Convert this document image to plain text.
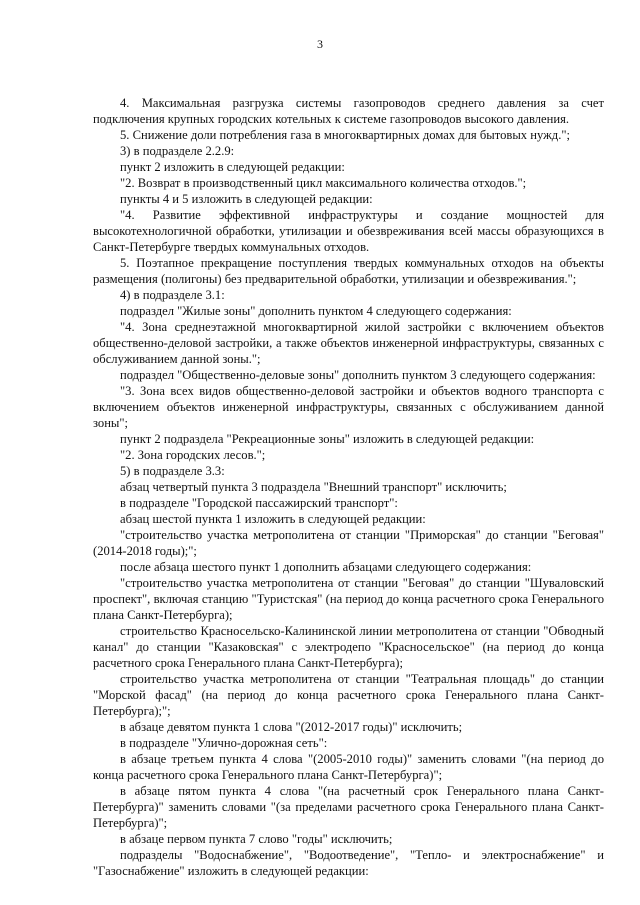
3

4. Максимальная разгрузка системы газопроводов среднего давления за счет подключения крупных городских котельных к системе газопроводов высокого давления.

5. Снижение доли потребления газа в многоквартирных домах для бытовых нужд.";

3) в подразделе 2.2.9:

пункт 2 изложить в следующей редакции:

"2. Возврат в производственный цикл максимального количества отходов.";

пункты 4 и 5 изложить в следующей редакции:

"4. Развитие эффективной инфраструктуры и создание мощностей для высокотехнологичной обработки, утилизации и обезвреживания всей массы образующихся в Санкт-Петербурге твердых коммунальных отходов.

5. Поэтапное прекращение поступления твердых коммунальных отходов на объекты размещения (полигоны) без предварительной обработки, утилизации и обезвреживания.";

4) в подразделе 3.1:

подраздел "Жилые зоны" дополнить пунктом 4 следующего содержания:

"4. Зона среднеэтажной многоквартирной жилой застройки с включением объектов общественно-деловой застройки, а также объектов инженерной инфраструктуры, связанных с обслуживанием данной зоны.";

подраздел "Общественно-деловые зоны" дополнить пунктом 3 следующего содержания:

"3. Зона всех видов общественно-деловой застройки и объектов водного транспорта с включением объектов инженерной инфраструктуры, связанных с обслуживанием данной зоны";

пункт 2 подраздела "Рекреационные зоны" изложить в следующей редакции:

"2. Зона городских лесов.";

5) в подразделе 3.3:

абзац четвертый пункта 3 подраздела "Внешний транспорт" исключить;

в подразделе "Городской пассажирский транспорт":

абзац шестой пункта 1 изложить в следующей редакции:

"строительство участка метрополитена от станции "Приморская" до станции "Беговая" (2014-2018 годы);";

после абзаца шестого пункт 1 дополнить абзацами следующего содержания:

"строительство участка метрополитена от станции "Беговая" до станции "Шуваловский проспект", включая станцию "Туристская" (на период до конца расчетного срока Генерального плана Санкт-Петербурга);

строительство Красносельско-Калининской линии метрополитена от станции "Обводный канал" до станции "Казаковская" с электродепо "Красносельское" (на период до конца расчетного срока Генерального плана Санкт-Петербурга);

строительство участка метрополитена от станции "Театральная площадь" до станции "Морской фасад" (на период до конца расчетного срока Генерального плана Санкт-Петербурга);";

в абзаце девятом пункта 1 слова "(2012-2017 годы)" исключить;

в подразделе "Улично-дорожная сеть":

в абзаце третьем пункта 4 слова "(2005-2010 годы)" заменить словами "(на период до конца расчетного срока Генерального плана Санкт-Петербурга)";

в абзаце пятом пункта 4 слова "(на расчетный срок Генерального плана Санкт-Петербурга)" заменить словами "(за пределами расчетного срока Генерального плана Санкт-Петербурга)";

в абзаце первом пункта 7 слово "годы" исключить;

подразделы "Водоснабжение", "Водоотведение", "Тепло- и электроснабжение" и "Газоснабжение" изложить в следующей редакции:
